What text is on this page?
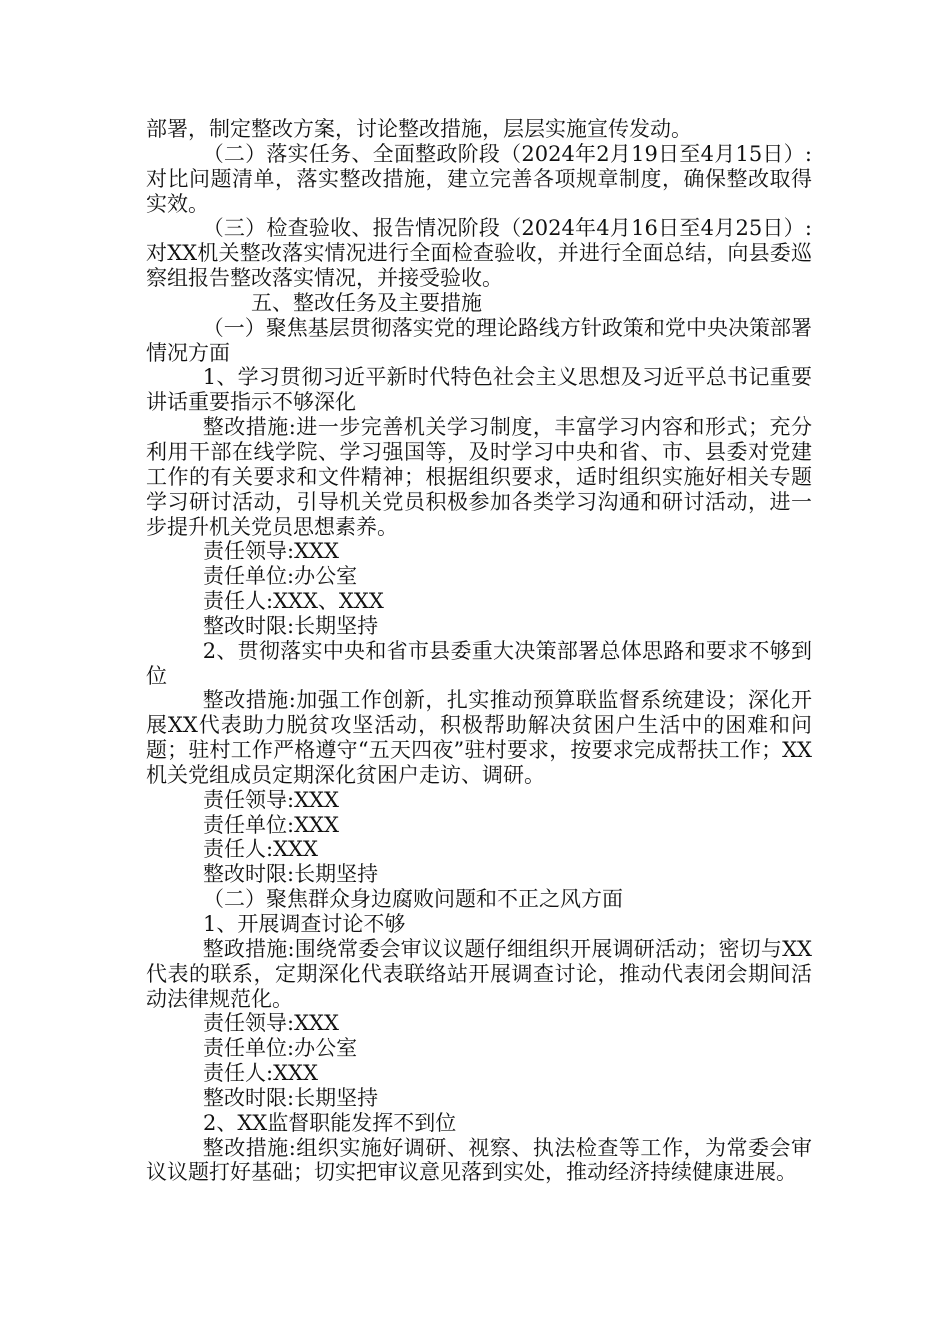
部署，制定整改方案，讨论整改措施，层层实施宣传发动。

（二）落实任务、全面整政阶段（2024年2月19日至4月15日）:对比问题清单，落实整改措施，建立完善各项规章制度，确保整改取得实效。

（三）检查验收、报告情况阶段（2024年4月16日至4月25日）:对XX机关整改落实情况进行全面检查验收，并进行全面总结，向县委巡察组报告整改落实情况，并接受验收。

五、整改任务及主要措施

（一）聚焦基层贯彻落实党的理论路线方针政策和党中央决策部署情况方面

1、学习贯彻习近平新时代特色社会主义思想及习近平总书记重要讲话重要指示不够深化

整改措施:进一步完善机关学习制度，丰富学习内容和形式；充分利用干部在线学院、学习强国等，及时学习中央和省、市、县委对党建工作的有关要求和文件精神；根据组织要求，适时组织实施好相关专题学习研讨活动，引导机关党员积极参加各类学习沟通和研讨活动，进一步提升机关党员思想素养。

责任领导:XXX

责任单位:办公室

责任人:XXX、XXX

整改时限:长期坚持

2、贯彻落实中央和省市县委重大决策部署总体思路和要求不够到位

整改措施:加强工作创新，扎实推动预算联监督系统建设；深化开展XX代表助力脱贫攻坚活动，积极帮助解决贫困户生活中的困难和问题；驻村工作严格遵守“五天四夜”驻村要求，按要求完成帮扶工作；XX机关党组成员定期深化贫困户走访、调研。

责任领导:XXX

责任单位:XXX

责任人:XXX

整改时限:长期坚持

（二）聚焦群众身边腐败问题和不正之风方面

1、开展调查讨论不够

整政措施:围绕常委会审议议题仔细组织开展调研活动；密切与XX代表的联系，定期深化代表联络站开展调查讨论，推动代表闭会期间活动法律规范化。

责任领导:XXX

责任单位:办公室

责任人:XXX

整改时限:长期坚持

2、XX监督职能发挥不到位

整改措施:组织实施好调研、视察、执法检查等工作，为常委会审议议题打好基础；切实把审议意见落到实处，推动经济持续健康进展。
